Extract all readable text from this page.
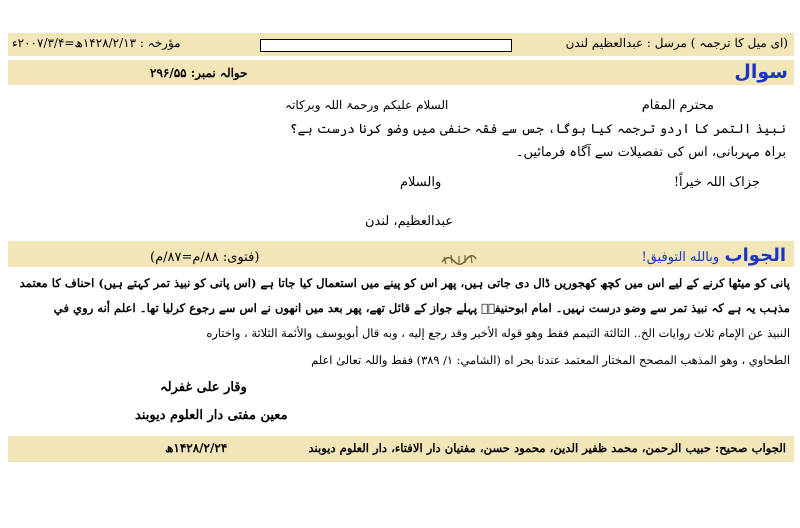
(ای میل کا ترجمہ ) مرسل : عبدالعظیم لندن
مؤرخہ : ۱۴۲۸/۲/۱۳ھ=۲۰۰۷/۳/۴ء
سوال
حوالہ نمبر: ۲۹۶/۵۵
محترم المقام
السلام علیکم ورحمۃ اللہ وبرکاتہ
نبیذ التمر کا اردو ترجمہ کیا ہوگا، جس سے فقہ حنفی میں وضو کرنا درست ہے؟
براہ مہربانی، اس کی تفصیلات سے آگاہ فرمائیں۔
جزاک اللہ خیراً!
والسلام
عبدالعظیم، لندن
الجواب وبالله التوفيق!
(فتوی: ۸۸/م=۸۷/م)
پانی کو میٹھا کرنے کے لیے اس میں کچھ کھجوریں ڈال دی جاتی ہیں، پھر اس کو پینے میں استعمال کیا جاتا ہے (اس پانی کو نبیذ تمر کہتے ہیں) احناف کا معتمد
مذہب یہ ہے کہ نبیذ تمر سے وضو درست نہیں۔ امام ابوحنیفہؒ پہلے جواز کے قائل تھے، پھر بعد میں انھوں نے اس سے رجوع کرلیا تھا۔ اعلم أنه روي في
النبيذ عن الإمام ثلاث روايات الخ.. الثالثة التيمم فقط وهو قوله الأخير وقد رجع إليه ، وبه قال أبويوسف والأئمة الثلاثة ، واختاره
الطحاوي ، وهو المذهب المصحح المختار المعتمد عندنا بحر اه (الشامي: ۱/ ۳۸۹) فقط واللہ تعالیٰ اعلم
وقار علی غفرلہ
معین مفتی دار العلوم دیوبند
الجواب صحیح: حبیب الرحمن، محمد ظفیر الدین، محمود حسن، مفتیان دار الافتاء، دار العلوم دیوبند
۱۴۲۸/۲/۲۴ھ
